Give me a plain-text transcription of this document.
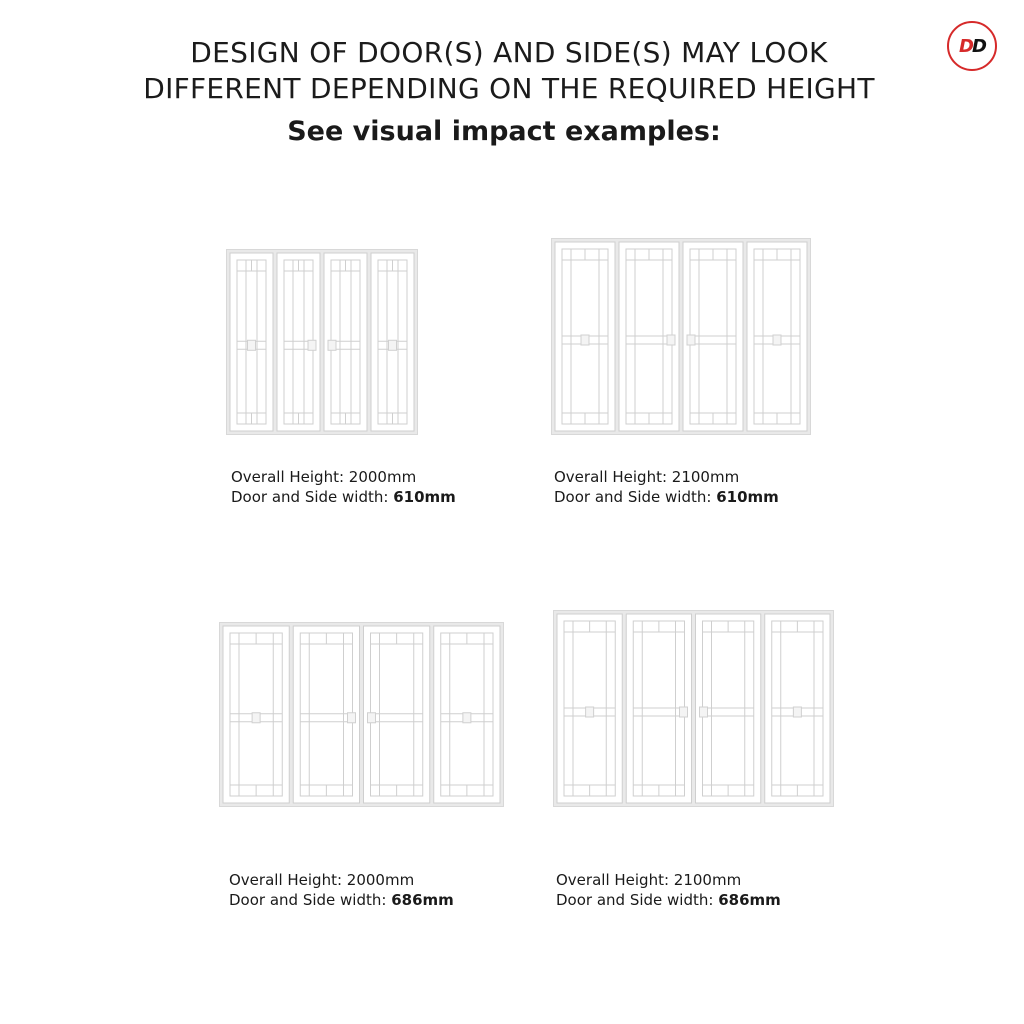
DESIGN OF DOOR(S) AND SIDE(S) MAY LOOK
DIFFERENT DEPENDING ON THE REQUIRED HEIGHT
See visual impact examples:
D D
Overall Height: 2000mm
Door and Side width: 610mm
Overall Height: 2100mm
Door and Side width: 610mm
Overall Height: 2000mm
Door and Side width: 686mm
Overall Height: 2100mm
Door and Side width: 686mm
